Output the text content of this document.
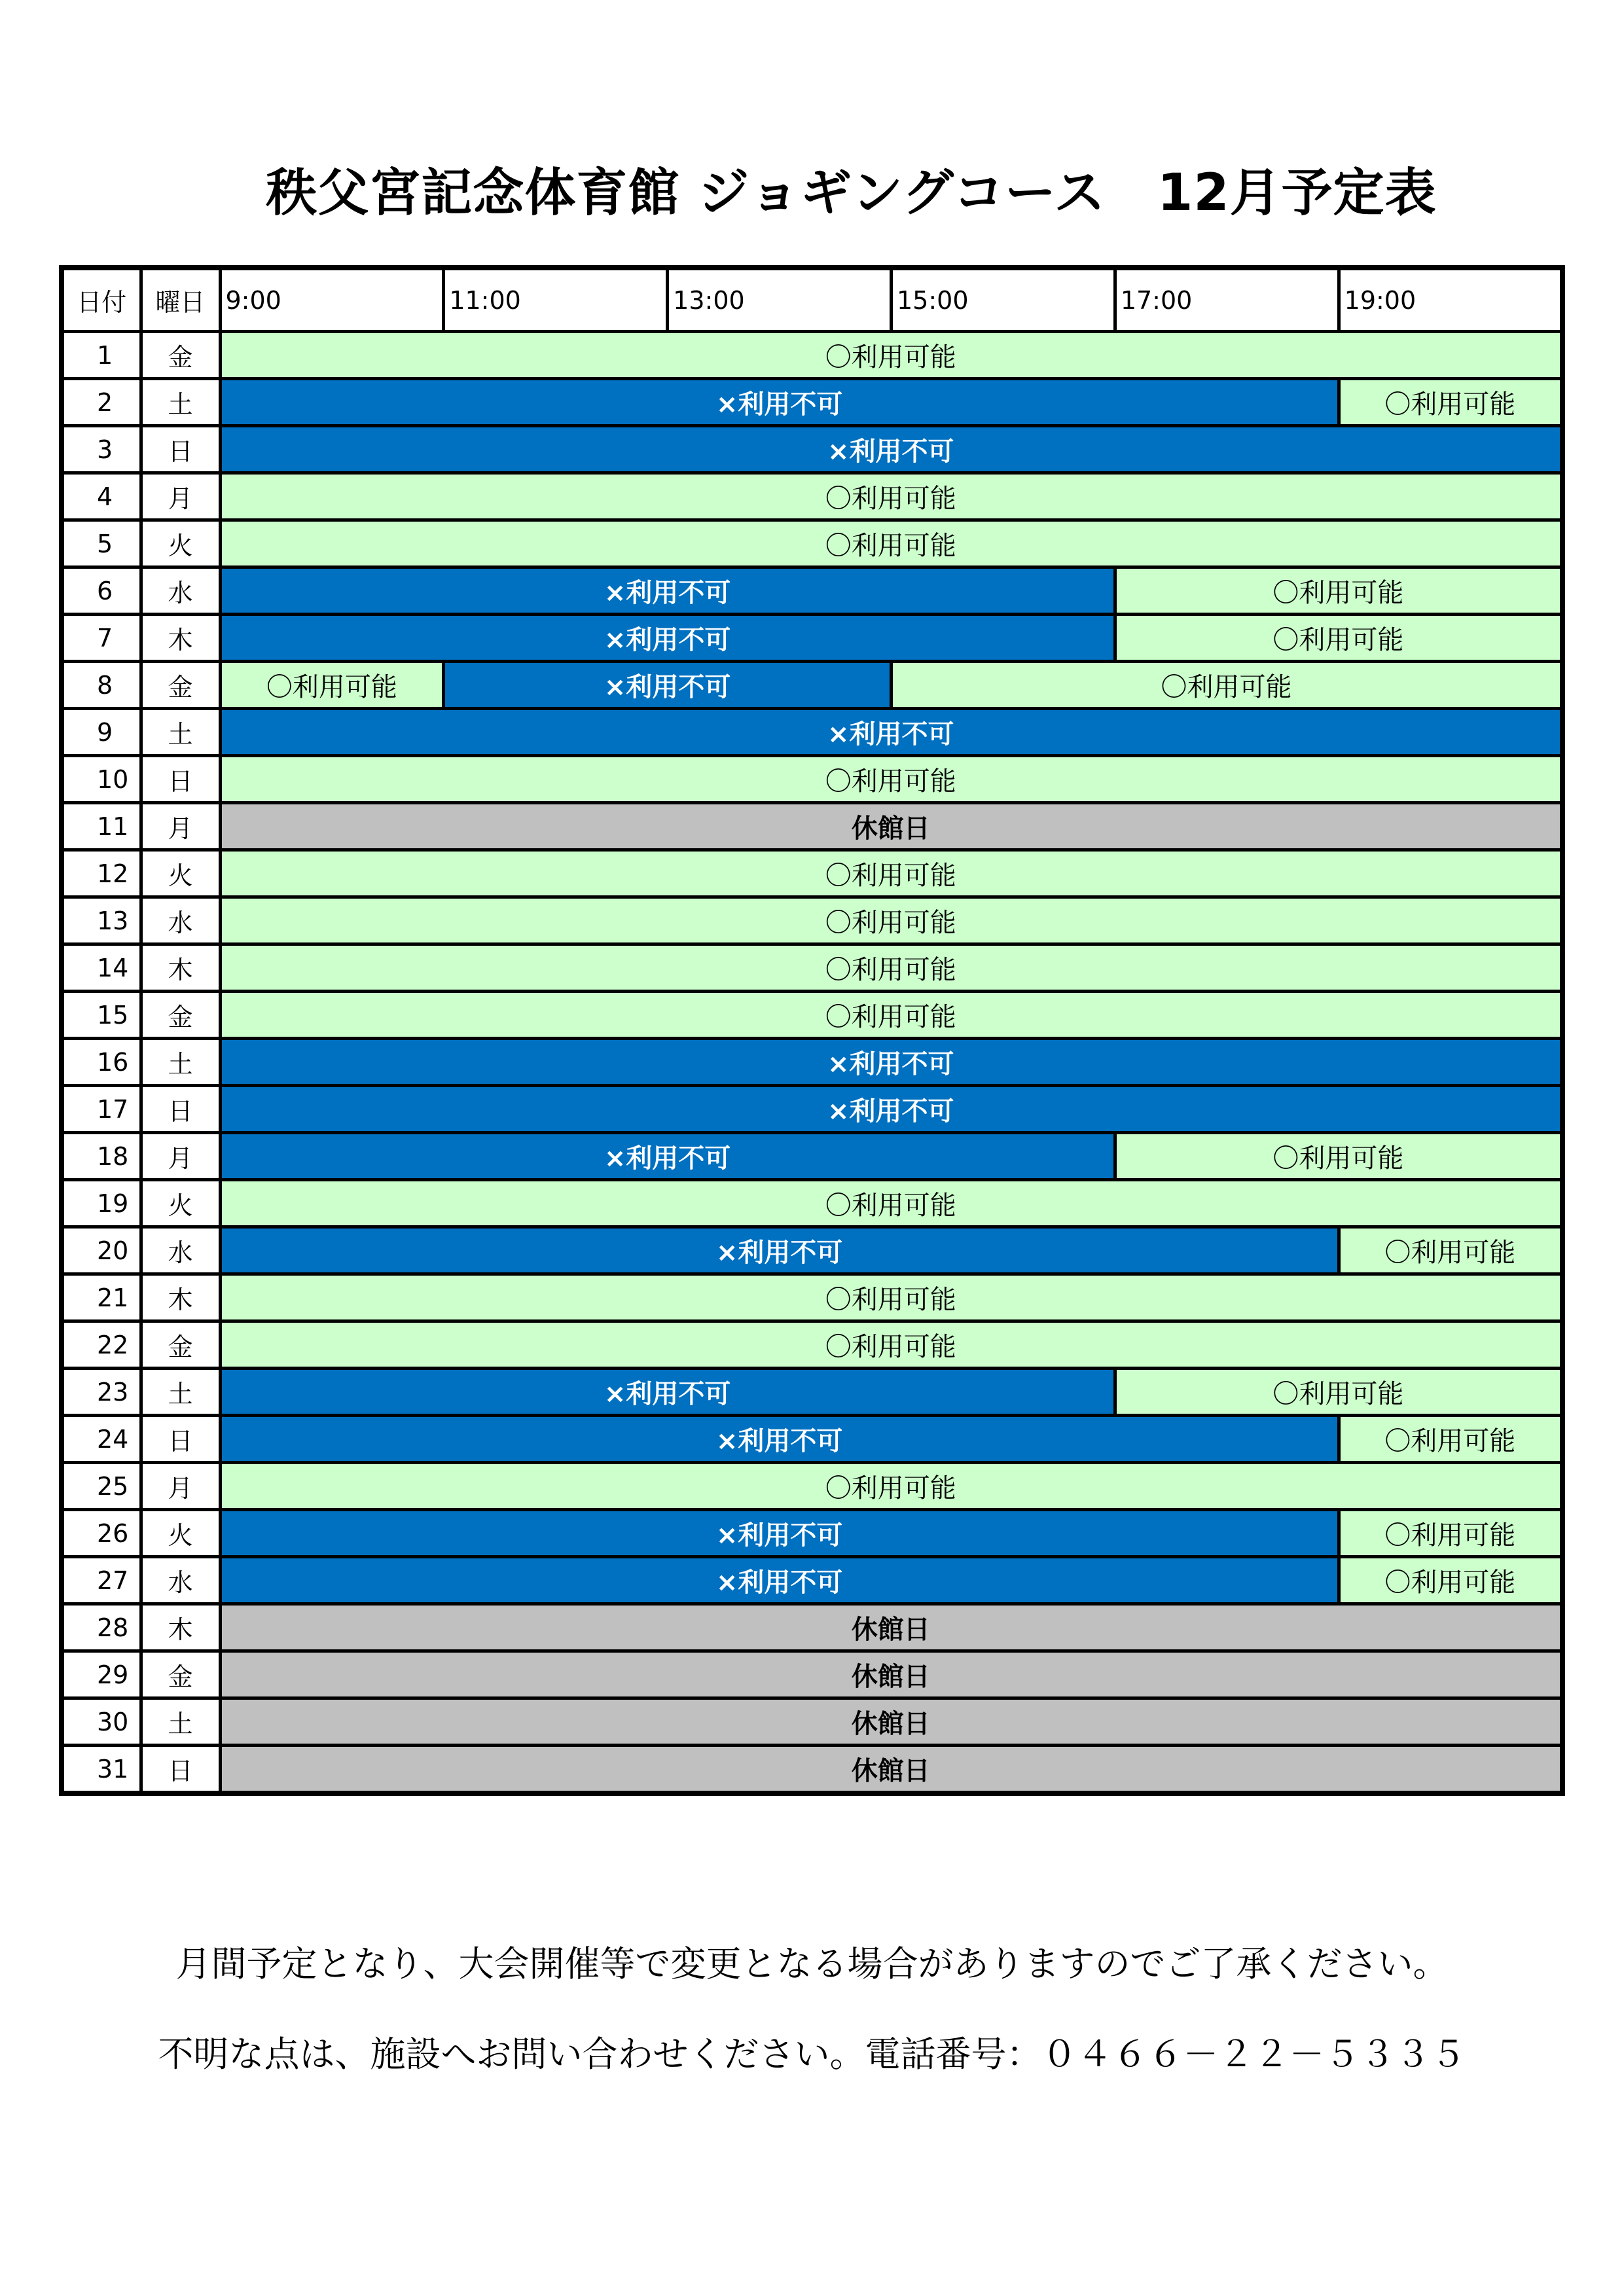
秩父宮記念体育館 ジョギングコース　12月予定表
日付	曜日	9:00	11:00	13:00	15:00	17:00	19:00
1	金	〇利用可能					
2	土	×利用不可					〇利用可能
3	日	×利用不可					
4	月	〇利用可能					
5	火	〇利用可能					
6	水	×利用不可				〇利用可能	
7	木	×利用不可				〇利用可能	
8	金	〇利用可能	×利用不可		〇利用可能		
9	土	×利用不可					
10	日	〇利用可能					
11	月	休館日					
12	火	〇利用可能					
13	水	〇利用可能					
14	木	〇利用可能					
15	金	〇利用可能					
16	土	×利用不可					
17	日	×利用不可					
18	月	×利用不可				〇利用可能	
19	火	〇利用可能					
20	水	×利用不可					〇利用可能
21	木	〇利用可能					
22	金	〇利用可能					
23	土	×利用不可				〇利用可能	
24	日	×利用不可					〇利用可能
25	月	〇利用可能					
26	火	×利用不可					〇利用可能
27	水	×利用不可					〇利用可能
28	木	休館日					
29	金	休館日					
30	土	休館日					
31	日	休館日					
月間予定となり、大会開催等で変更となる場合がありますのでご了承ください。
不明な点は、施設へお問い合わせください。電話番号：０４６６－２２－５３３５
